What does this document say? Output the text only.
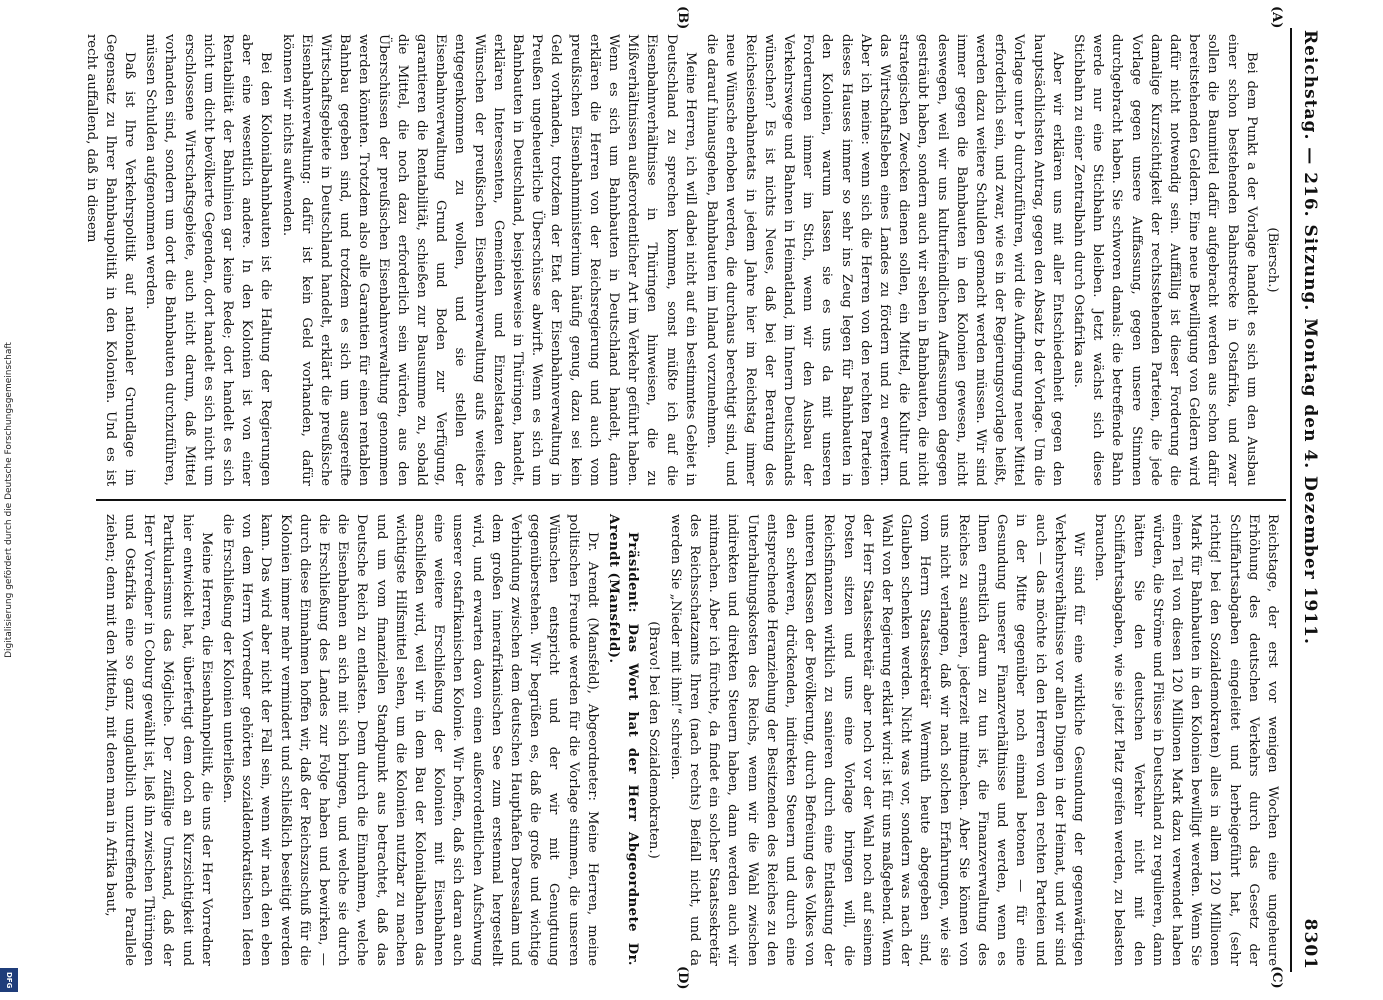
Digitalisierung gefördert durch die Deutsche Forschungsgemeinschaft
DFG
Reichstag. — 216. Sitzung. Montag den 4. Dezember 1911.
8301
(A)
(B)
(C)
(D)

(Biersch.)

Bei dem Punkt a der Vorlage handelt es sich um den Ausbau einer schon bestehenden Bahnstrecke in Ostafrika, und zwar sollen die Baumittel dafür aufgebracht werden aus schon dafür bereitstehenden Geldern. Eine neue Bewilligung von Geldern wird dafür nicht notwendig sein. Auffällig ist dieser Forderung die damalige Kurzsichtigkeit der rechtsstehenden Parteien, die jede Vorlage gegen unsere Auffassung, gegen unsere Stimmen durchgebracht haben. Sie schworen damals: die betreffende Bahn werde nur eine Stichbahn bleiben. Jetzt wächst sich diese Stichbahn zu einer Zentralbahn durch Ostafrika aus.

Aber wir erklären uns mit aller Entschiedenheit gegen den hauptsächlichsten Antrag, gegen den Absatz b der Vorlage. Um die Vorlage unter b durchzuführen, wird die Aufbringung neuer Mittel erforderlich sein, und zwar, wie es in der Regierungsvorlage heißt, werden dazu weitere Schulden gemacht werden müssen. Wir sind immer gegen die Bahnbauten in den Kolonien gewesen, nicht deswegen, weil wir uns kulturfeindlichen Auffassungen dagegen gesträubt haben, sondern auch wir sehen in Bahnbauten, die nicht strategischen Zwecken dienen sollen, ein Mittel, die Kultur und das Wirtschaftsleben eines Landes zu fördern und zu erweitern. Aber ich meine: wenn sich die Herren von den rechten Parteien dieses Hauses immer so sehr ins Zeug legen für Bahnbauten in den Kolonien, warum lassen sie es uns da mit unseren Forderungen immer im Stich, wenn wir den Ausbau der Verkehrswege und Bahnen in Heimatland, im Innern Deutschlands wünschen? Es ist nichts Neues, daß bei der Beratung des Reichseisenbahnetats in jedem Jahre hier im Reichstag immer neue Wünsche erhoben werden, die durchaus berechtigt sind, und die darauf hinausgehen, Bahnbauten im Inland vorzunehmen.

Meine Herren, ich will dabei nicht auf ein bestimmtes Gebiet in Deutschland zu sprechen kommen, sonst müßte ich auf die Eisenbahnverhältnisse in Thüringen hinweisen, die zu Mißverhältnissen außerordentlicher Art im Verkehr geführt haben. Wenn es sich um Bahnbauten in Deutschland handelt, dann erklären die Herren von der Reichsregierung und auch vom preußischen Eisenbahnministerium häufig genug, dazu sei kein Geld vorhanden, trotzdem der Etat der Eisenbahnverwaltung in Preußen ungeheuerliche Überschüsse abwirft. Wenn es sich um Bahnbauten in Deutschland, beispielsweise in Thüringen, handelt, erklären Interessenten, Gemeinden und Einzelstaaten den Wünschen der preußischen Eisenbahnverwaltung aufs weiteste entgegenkommen zu wollen, und sie stellen der Eisenbahnverwaltung Grund und Boden zur Verfügung, garantieren die Rentabilität, schießen zur Bausumme zu, sobald die Mittel, die noch dazu erforderlich sein würden, aus den Überschüssen der preußischen Eisenbahnverwaltung genommen werden könnten. Trotzdem also alle Garantien für einen rentablen Bahnbau gegeben sind, und trotzdem es sich um ausgereifte Wirtschaftsgebiete in Deutschland handelt, erklärt die preußische Eisenbahnverwaltung: dafür ist kein Geld vorhanden, dafür können wir nichts aufwenden.

Bei den Kolonialbahnbauten ist die Haltung der Regierungen aber eine wesentlich andere. In den Kolonien ist von einer Rentabilität der Bahnlinien gar keine Rede; dort handelt es sich nicht um dicht bevölkerte Gegenden, dort handelt es sich nicht um erschlossene Wirtschaftsgebiete, auch nicht darum, daß Mittel vorhanden sind, sondern um dort die Bahnbauten durchzuführen, müssen Schulden aufgenommen werden.

Daß ist Ihre Verkehrspolitik auf nationaler Grundlage im Gegensatz zu Ihrer Bahnbaupolitik in den Kolonien. Und es ist recht auffallend, daß in diesem

Reichstage, der erst vor wenigen Wochen eine ungeheure Erhöhung des deutschen Verkehrs durch das Gesetz der Schiffahrtsabgaben eingeleitet und herbeigeführt hat, (sehr richtig! bei den Sozialdemokraten) alles in allem 120 Millionen Mark für Bahnbauten in den Kolonien bewilligt werden. Wenn Sie einen Teil von diesen 120 Millionen Mark dazu verwendet haben würden, die Ströme und Flüsse in Deutschland zu regulieren, dann hätten Sie den deutschen Verkehr nicht mit den Schiffahrtsabgaben, wie sie jetzt Platz greifen werden, zu belasten brauchen.

Wir sind für eine wirkliche Gesundung der gegenwärtigen Verkehrsverhältnisse vor allen Dingen in der Heimat, und wir sind auch — das möchte ich den Herren von den rechten Parteien und in der Mitte gegenüber noch einmal betonen — für eine Gesundung unserer Finanzverhältnisse und werden, wenn es Ihnen ernstlich darum zu tun ist, die Finanzverwaltung des Reiches zu sanieren, jederzeit mitmachen. Aber Sie können von uns nicht verlangen, daß wir nach solchen Erfahrungen, wie sie vom Herrn Staatssekretär Wermuth heute abgegeben sind, Glauben schenken werden. Nicht was vor, sondern was nach der Wahl von der Regierung erklärt wird: ist für uns maßgebend. Wenn der Herr Staatssekretär aber noch vor der Wahl noch auf seinem Posten sitzen und uns eine Vorlage bringen will, die Reichsfinanzen wirklich zu sanieren durch eine Entlastung der unteren Klassen der Bevölkerung, durch Befreiung des Volkes von den schweren, drückenden, indirekten Steuern und durch eine entsprechende Heranziehung der Besitzenden des Reiches zu den Unterhaltungskosten des Reichs, wenn wir die Wahl zwischen indirekten und direkten Steuern haben, dann werden auch wir mitmachen. Aber ich fürchte, da findet ein solcher Staatssekretär des Reichsschatzamts Ihren (nach rechts) Beifall nicht, und da werden Sie „Nieder mit ihm!“ schreien.

(Bravo! bei den Sozialdemokraten.)

Präsident: Das Wort hat der Herr Abgeordnete Dr. Arendt (Mansfeld).

Dr. Arendt (Mansfeld), Abgeordneter: Meine Herren, meine politischen Freunde werden für die Vorlage stimmen, die unseren Wünschen entspricht und der wir mit Genugtuung gegenüberstehen. Wir begrüßen es, daß die große und wichtige Verbindung zwischen dem deutschen Haupthafen Daressalam und dem großen innerafrikanischen See zum erstenmal hergestellt wird, und erwarten davon einen außerordentlichen Aufschwung unserer ostafrikanischen Kolonie. Wir hoffen, daß sich daran auch eine weitere Erschließung der Kolonien mit Eisenbahnen anschließen wird, weil wir in dem Bau der Kolonialbahnen das wichtigste Hilfsmittel sehen, um die Kolonien nutzbar zu machen und um vom finanziellen Standpunkt aus betrachtet, daß das Deutsche Reich zu entlasten. Denn durch die Einnahmen, welche die Eisenbahnen an sich mit sich bringen, und welche sie durch die Erschließung des Landes zur Folge haben und bewirken, — durch diese Einnahmen hoffen wir, daß der Reichszuschuß für die Kolonien immer mehr vermindert und schließlich beseitigt werden kann. Das wird aber nicht der Fall sein, wenn wir nach den eben von dem Herrn Vorredner gehörten sozialdemokratischen Ideen die Erschließung der Kolonien unterließen.

Meine Herren, die Eisenbahnpolitik, die uns der Herr Vorredner hier entwickelt hat, überfertigt dem doch an Kurzsichtigkeit und Partikularismus das Mögliche. Der zufällige Umstand, daß der Herr Vorredner in Coburg gewählt ist, ließ ihn zwischen Thüringen und Ostafrika eine so ganz unglaublich unzutreffende Parallele ziehen; denn mit den Mitteln, mit denen man in Afrika baut,
